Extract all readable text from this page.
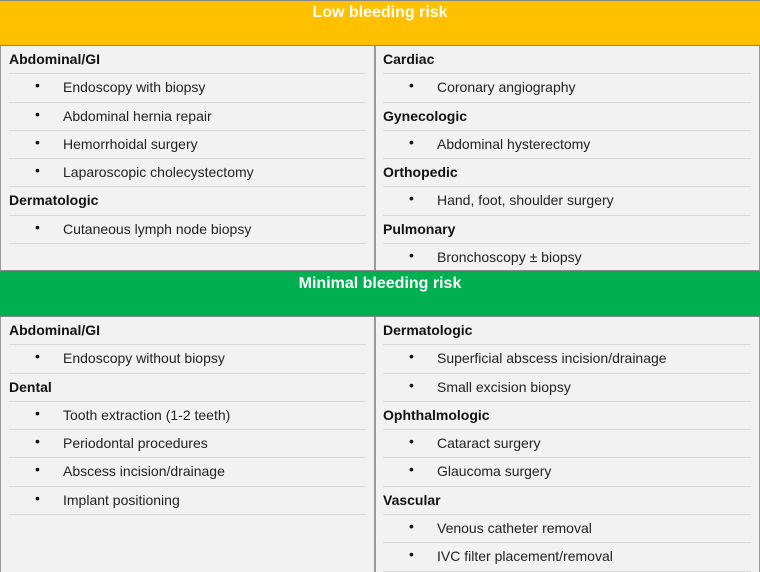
Low bleeding risk
Abdominal/GI
• Endoscopy with biopsy
• Abdominal hernia repair
• Hemorrhoidal surgery
• Laparoscopic cholecystectomy
Dermatologic
• Cutaneous lymph node biopsy
Cardiac
• Coronary angiography
Gynecologic
• Abdominal hysterectomy
Orthopedic
• Hand, foot, shoulder surgery
Pulmonary
• Bronchoscopy ± biopsy
Minimal bleeding risk
Abdominal/GI
• Endoscopy without biopsy
Dental
• Tooth extraction (1-2 teeth)
• Periodontal procedures
• Abscess incision/drainage
• Implant positioning
Dermatologic
• Superficial abscess incision/drainage
• Small excision biopsy
Ophthalmologic
• Cataract surgery
• Glaucoma surgery
Vascular
• Venous catheter removal
• IVC filter placement/removal
